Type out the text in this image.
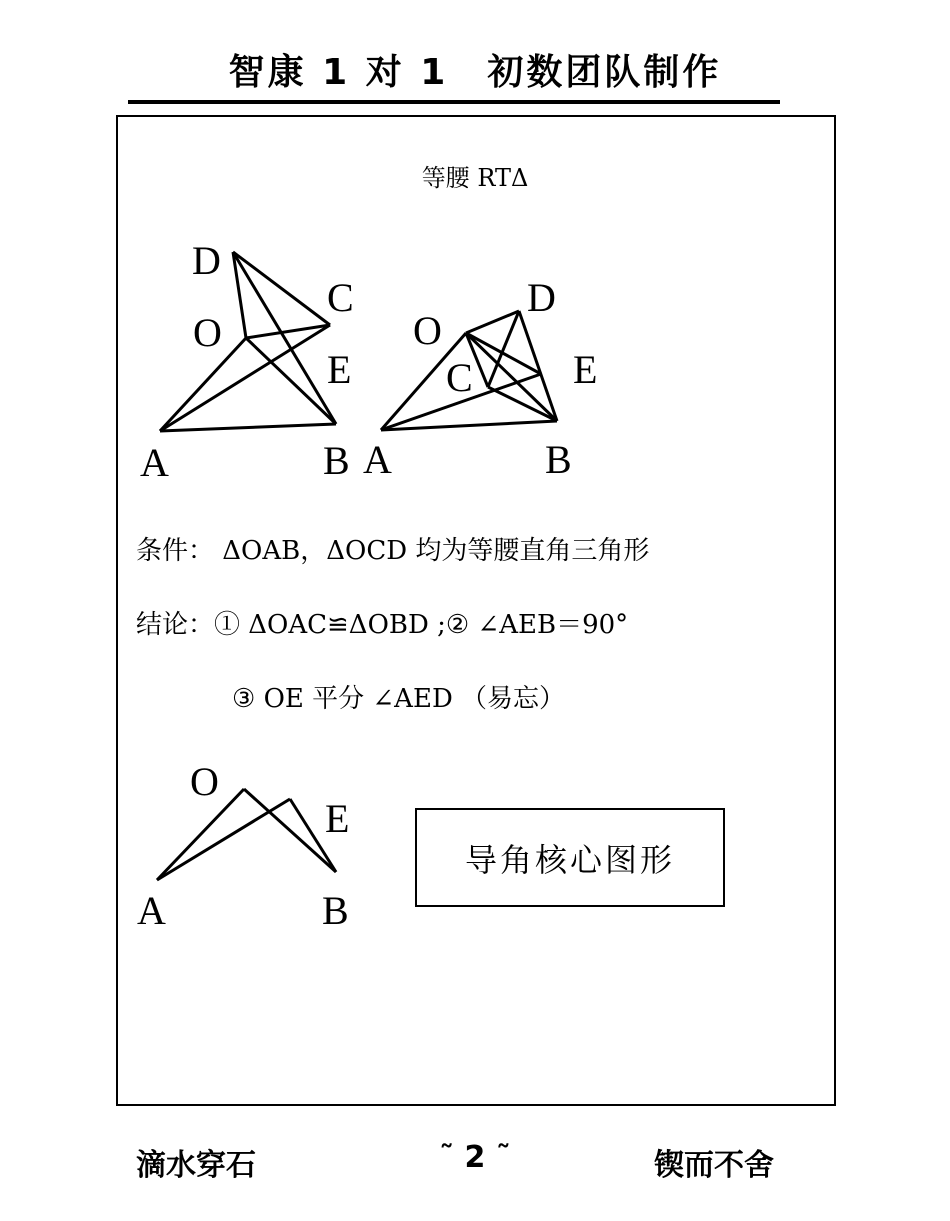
智康 1 对 1　初数团队制作
等腰 RTΔ
D
C
O
E
A	B
O
D
C	E
A	B
O
E
A	B
条件： ΔOAB，ΔOCD 均为等腰直角三角形
结论：① ΔOAC≌ΔOBD ;② ∠AEB＝90°
③ OE 平分 ∠AED （易忘）
导角核心图形
滴水穿石	˜ 2 ˜	锲而不舍
